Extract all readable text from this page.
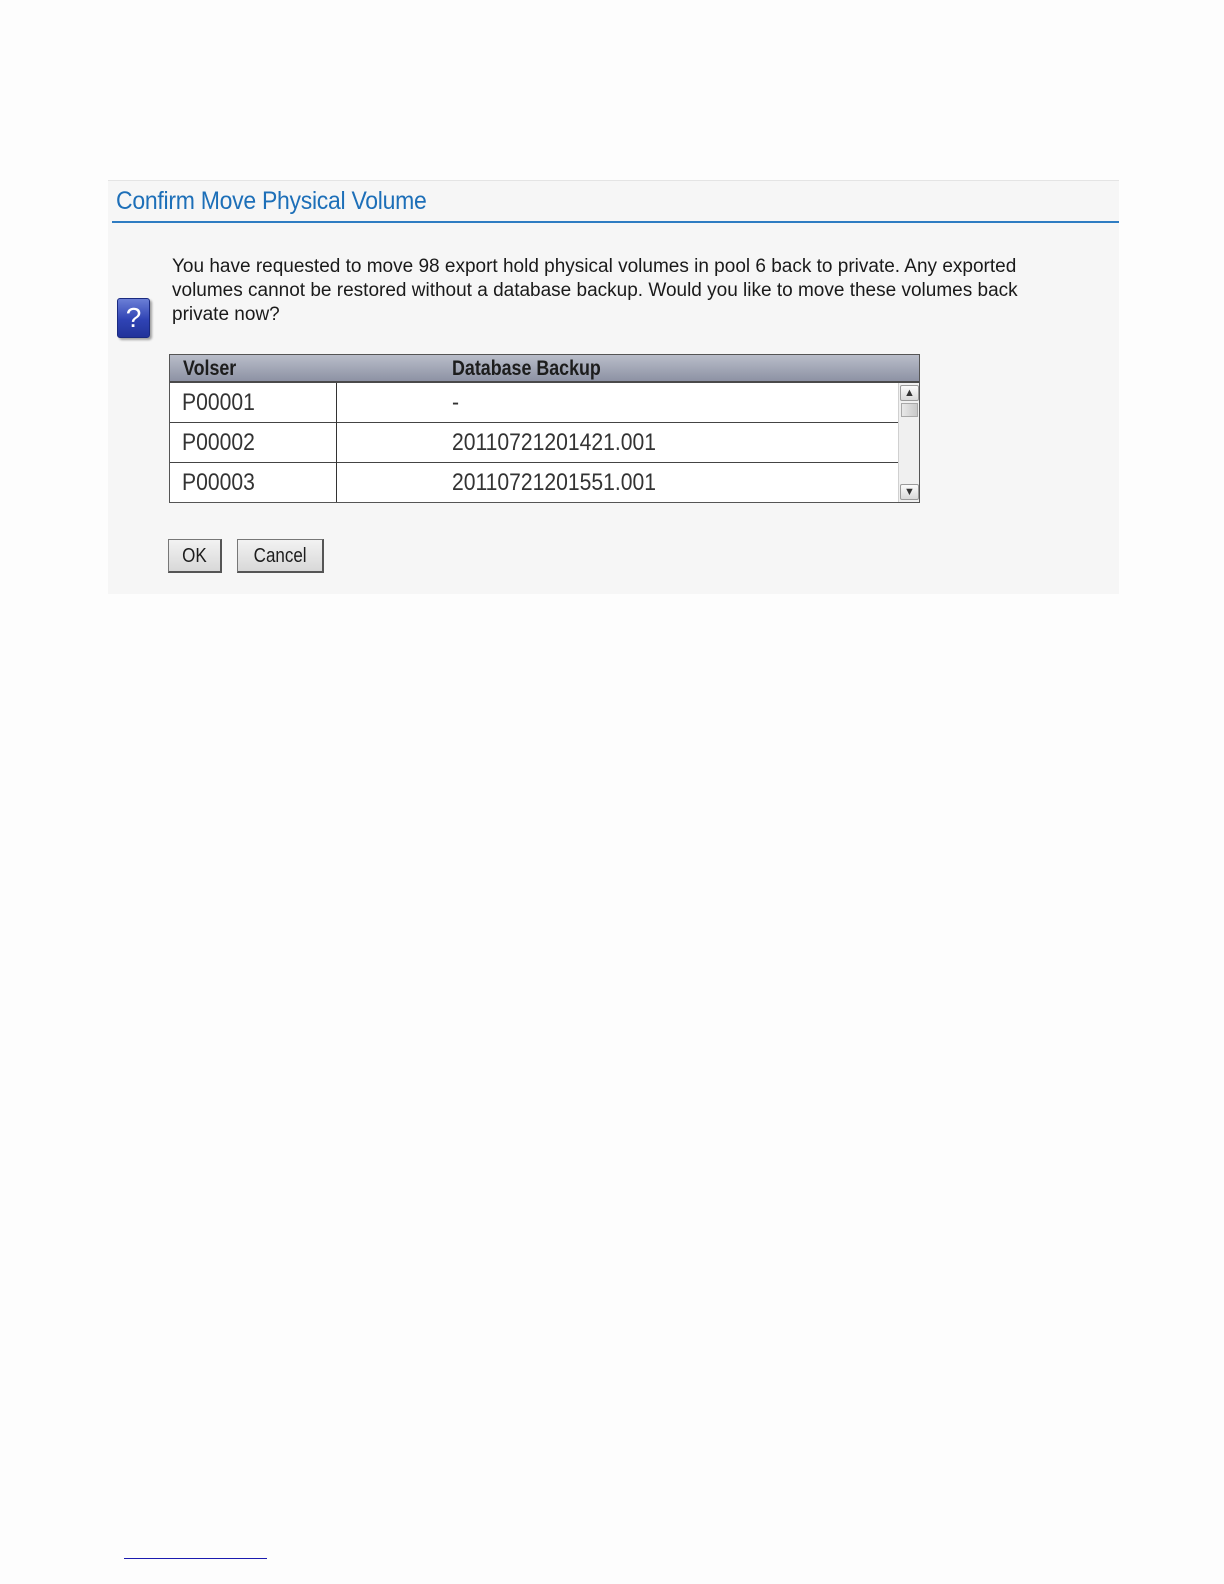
Confirm Move Physical Volume
?
You have requested to move 98 export hold physical volumes in pool 6 back to private. Any exported
volumes cannot be restored without a database backup. Would you like to move these volumes back
private now?
Volser	Database Backup
P00001	-
P00002	20110721201421.001
P00003	20110721201551.001
▲
▼
OK	Cancel
